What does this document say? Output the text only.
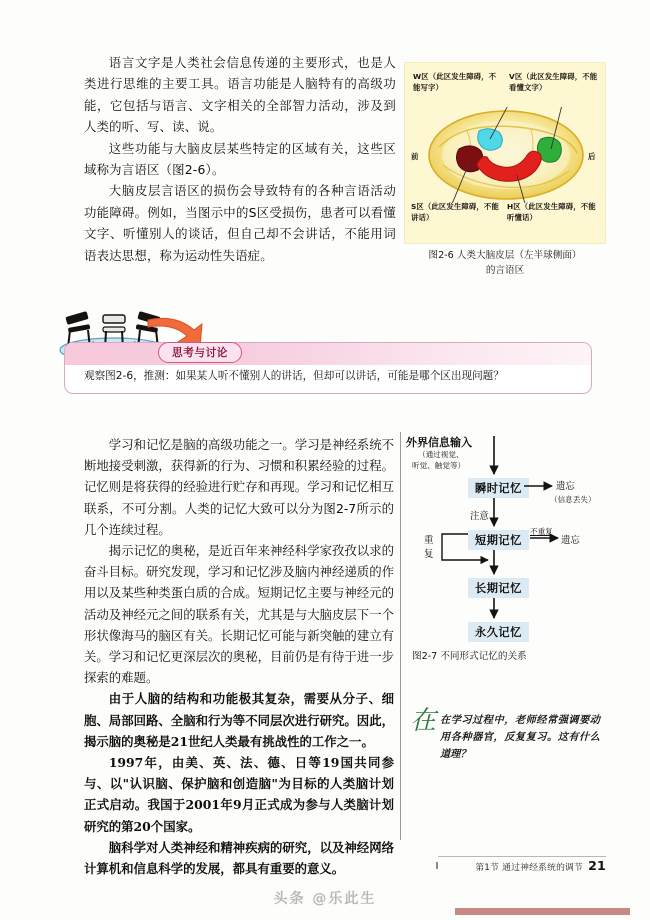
语言文字是人类社会信息传递的主要形式，也是人类进行思维的主要工具。语言功能是人脑特有的高级功能，它包括与语言、文字相关的全部智力活动，涉及到人类的听、写、读、说。

这些功能与大脑皮层某些特定的区域有关，这些区域称为言语区（图2-6）。

大脑皮层言语区的损伤会导致特有的各种言语活动功能障碍。例如，当图示中的S区受损伤，患者可以看懂文字、听懂别人的谈话，但自己却不会讲话，不能用词语表达思想，称为运动性失语症。

W区（此区发生障碍，不能写字）
V区（此区发生障碍，不能看懂文字）
S区（此区发生障碍，不能讲话）
H区（此区发生障碍，不能听懂话）
前	后
图2-6 人类大脑皮层（左半球侧面）
的言语区
思考与讨论
观察图2-6，推测：如果某人听不懂别人的讲话，但却可以讲话，可能是哪个区出现问题？

学习和记忆是脑的高级功能之一。学习是神经系统不断地接受刺激，获得新的行为、习惯和积累经验的过程。记忆则是将获得的经验进行贮存和再现。学习和记忆相互联系，不可分割。人类的记忆大致可以分为图2-7所示的几个连续过程。

揭示记忆的奥秘，是近百年来神经科学家孜孜以求的奋斗目标。研究发现，学习和记忆涉及脑内神经递质的作用以及某些种类蛋白质的合成。短期记忆主要与神经元的活动及神经元之间的联系有关，尤其是与大脑皮层下一个形状像海马的脑区有关。长期记忆可能与新突触的建立有关。学习和记忆更深层次的奥秘，目前仍是有待于进一步探索的难题。

由于人脑的结构和功能极其复杂，需要从分子、细胞、局部回路、全脑和行为等不同层次进行研究。因此，揭示脑的奥秘是21世纪人类最有挑战性的工作之一。

1997年，由美、英、法、德、日等19国共同参与、以"认识脑、保护脑和创造脑"为目标的人类脑计划正式启动。我国于2001年9月正式成为参与人类脑计划研究的第20个国家。

脑科学对人类神经和精神疾病的研究，以及神经网络计算机和信息科学的发展，都具有重要的意义。

外界信息输入
（通过视觉、
听觉、触觉等）
瞬时记忆	遗忘
（信息丢失）
注意
短期记忆
不重复
遗忘
重
复
长期记忆
永久记忆
图2-7 不同形式记忆的关系
在 在学习过程中，老师经常强调要动用各种器官，反复复习。这有什么道理？
第1节 通过神经系统的调节 21
头条 @乐此生
